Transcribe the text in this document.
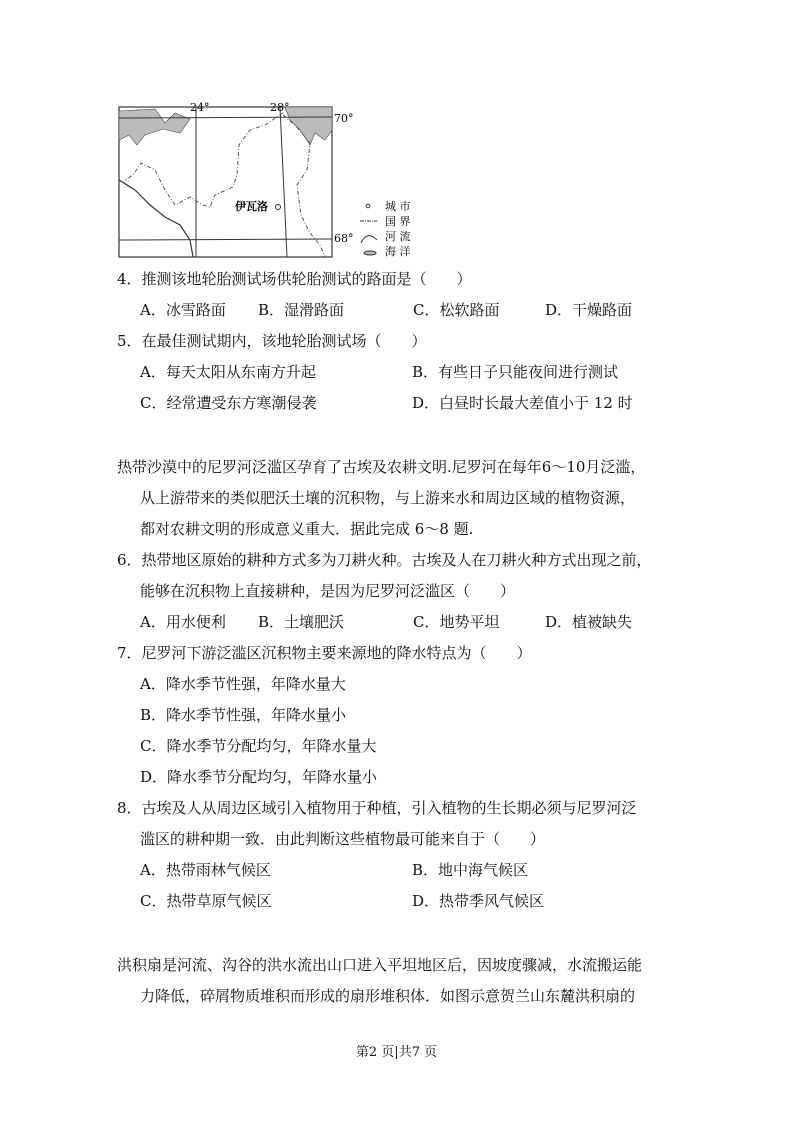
24°	28°
70°
68°
伊瓦洛	城 市
国 界
河 流
海 洋
4．推测该地轮胎测试场供轮胎测试的路面是（　　）
A．冰雪路面 B．湿滑路面	C．松软路面	D．干燥路面
5．在最佳测试期内，该地轮胎测试场（　　）
A．每天太阳从东南方升起	B．有些日子只能夜间进行测试
C．经常遭受东方寒潮侵袭	D．白昼时长最大差值小于 12 时
热带沙漠中的尼罗河泛滥区孕育了古埃及农耕文明.尼罗河在每年6～10月泛滥，
从上游带来的类似肥沃土壤的沉积物，与上游来水和周边区域的植物资源，
都对农耕文明的形成意义重大．据此完成 6～8 题.
6．热带地区原始的耕种方式多为刀耕火种。古埃及人在刀耕火种方式出现之前，
能够在沉积物上直接耕种，是因为尼罗河泛滥区（　　）
A．用水便利 B．土壤肥沃	C．地势平坦	D．植被缺失
7．尼罗河下游泛滥区沉积物主要来源地的降水特点为（　　）
A．降水季节性强，年降水量大
B．降水季节性强，年降水量小
C．降水季节分配均匀，年降水量大
D．降水季节分配均匀，年降水量小
8．古埃及人从周边区域引入植物用于种植，引入植物的生长期必须与尼罗河泛
滥区的耕种期一致．由此判断这些植物最可能来自于（　　）
A．热带雨林气候区	B．地中海气候区
C．热带草原气候区	D．热带季风气候区
洪积扇是河流、沟谷的洪水流出山口进入平坦地区后，因坡度骤减，水流搬运能
力降低，碎屑物质堆积而形成的扇形堆积体．如图示意贺兰山东麓洪积扇的
第2 页|共7 页
